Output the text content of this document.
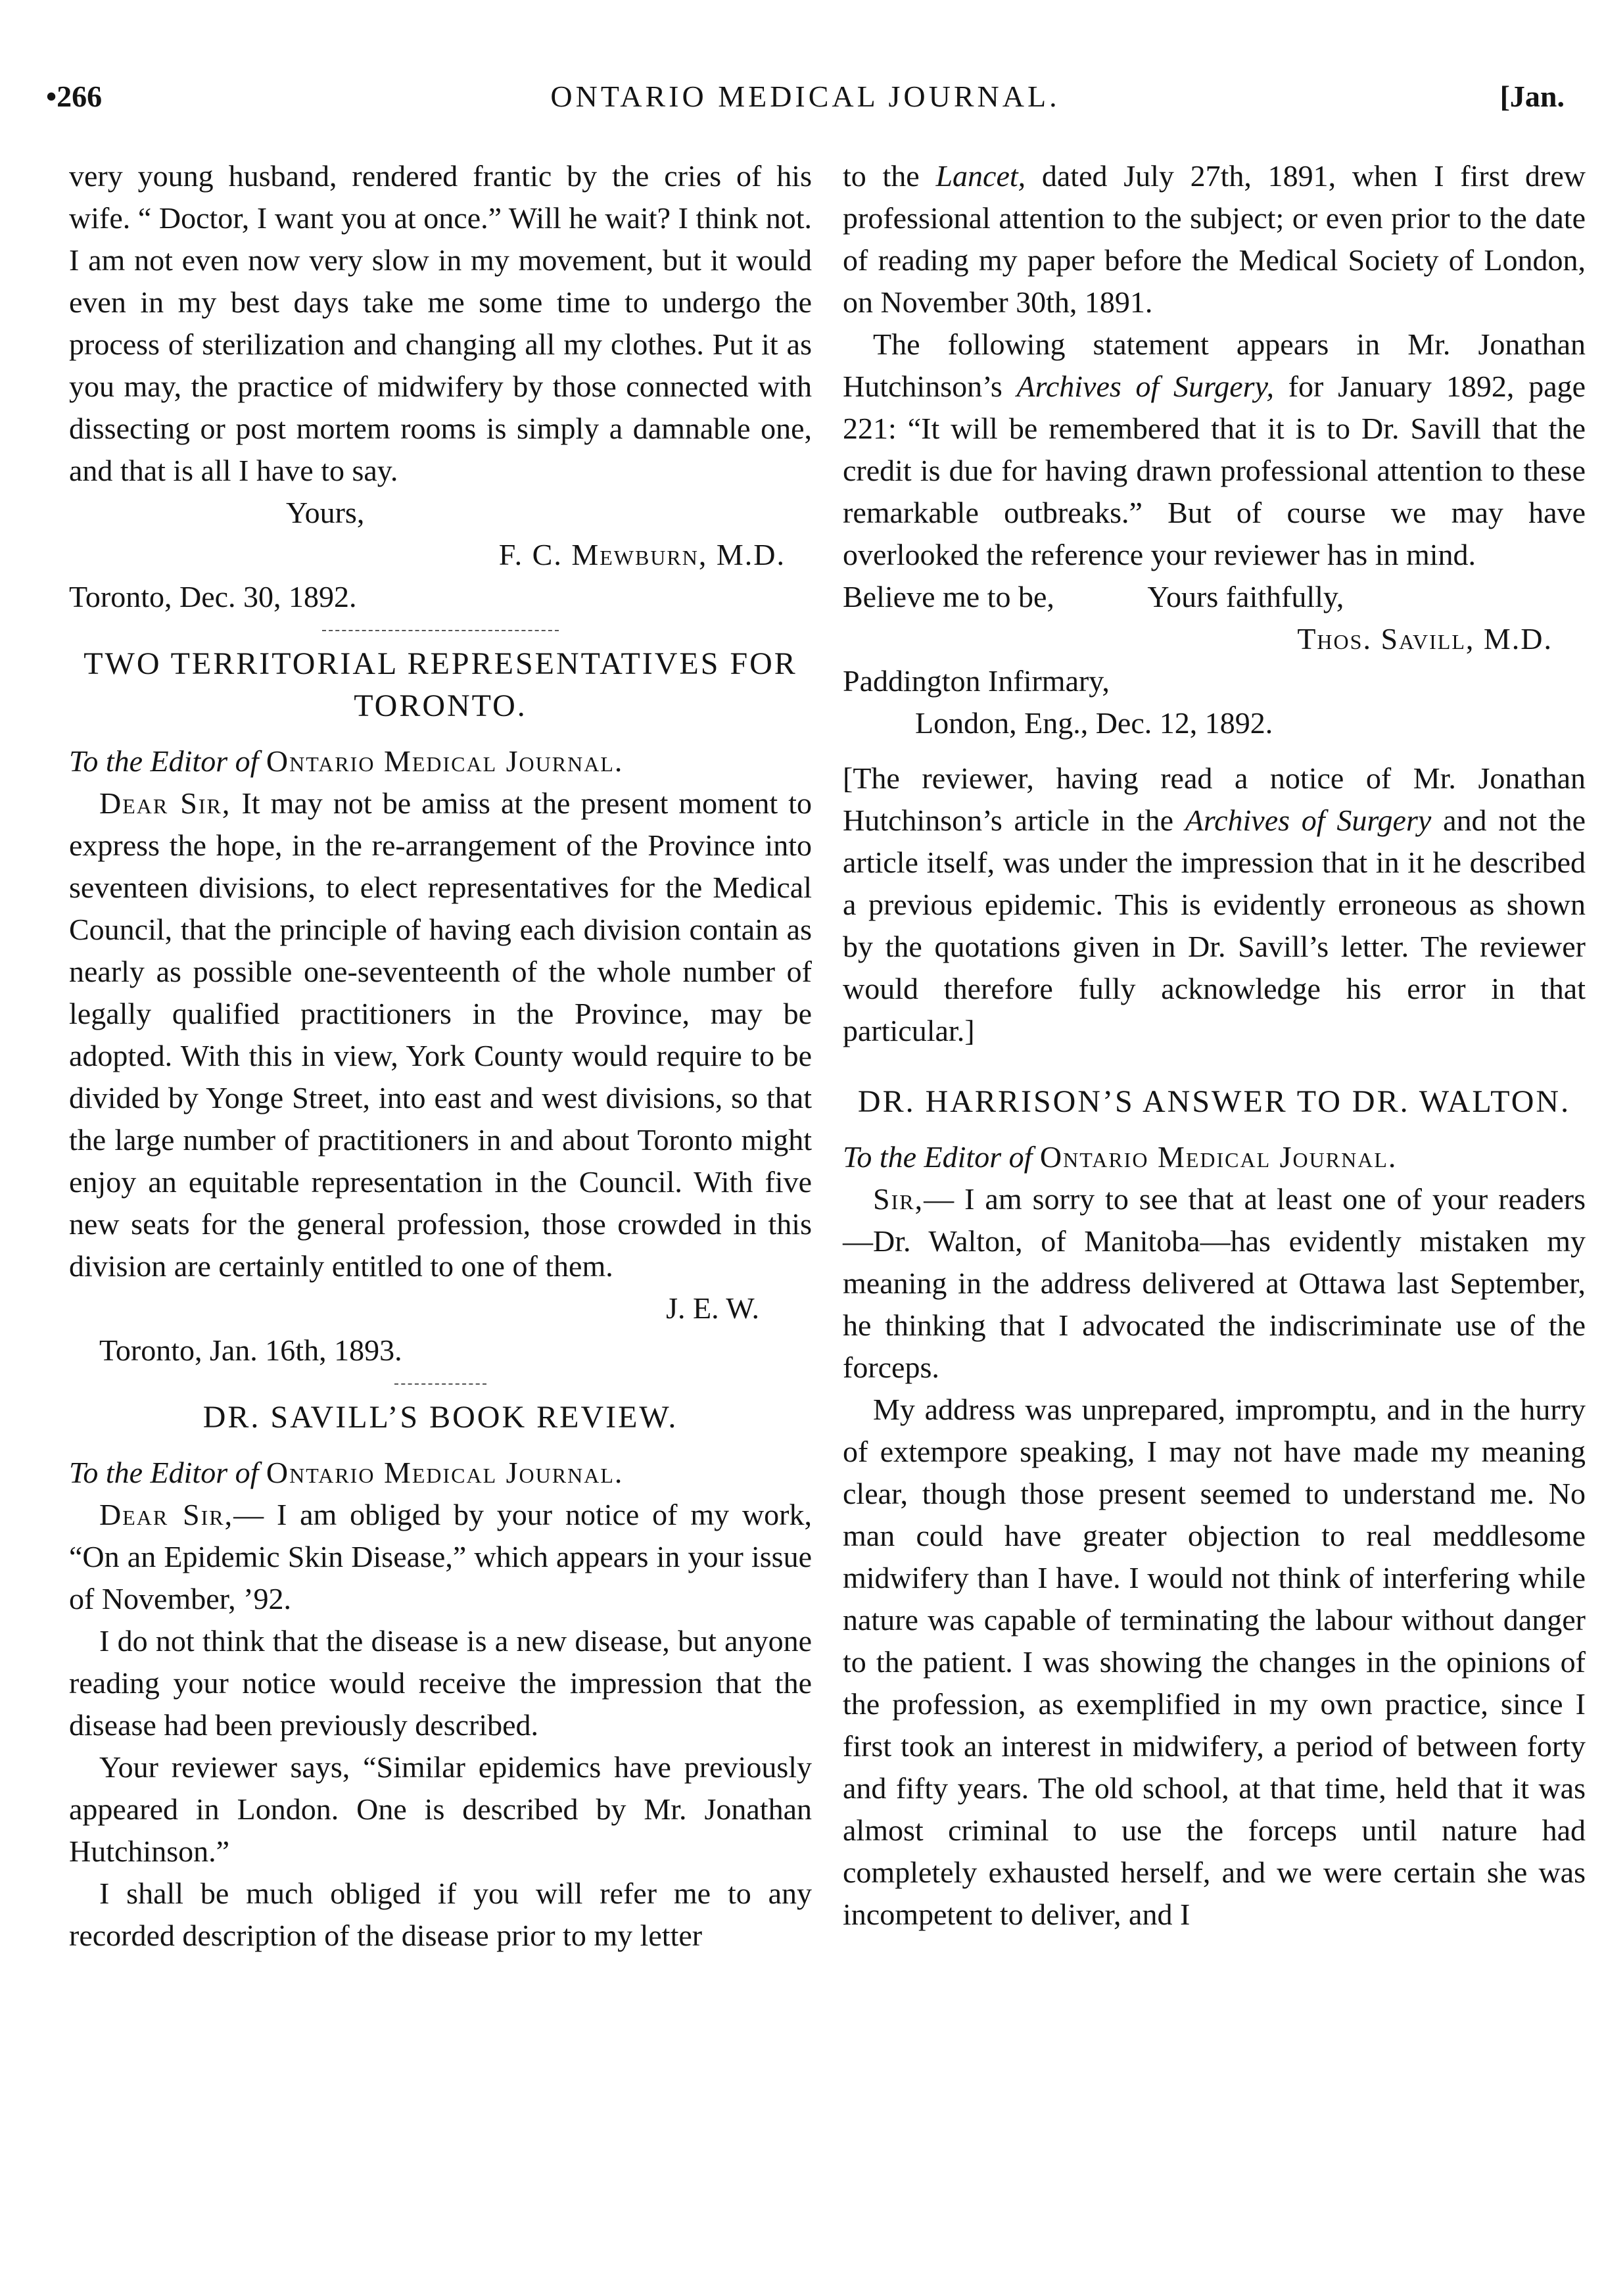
•266	ONTARIO MEDICAL JOURNAL.	[Jan.

very young husband, rendered frantic by the cries of his wife. “ Doctor, I want you at once.” Will he wait? I think not. I am not even now very slow in my movement, but it would even in my best days take me some time to undergo the process of sterilization and changing all my clothes. Put it as you may, the practice of midwifery by those connected with dissecting or post mortem rooms is simply a damnable one, and that is all I have to say.

Yours,

F. C. Mewburn, M.D.

Toronto, Dec. 30, 1892.

TWO TERRITORIAL REPRESENTATIVES FOR TORONTO.

To the Editor of Ontario Medical Journal.

Dear Sir, It may not be amiss at the present moment to express the hope, in the re-arrangement of the Province into seventeen divisions, to elect representatives for the Medical Council, that the principle of having each division contain as nearly as possible one-seventeenth of the whole number of legally qualified practitioners in the Province, may be adopted. With this in view, York County would require to be divided by Yonge Street, into east and west divisions, so that the large number of practitioners in and about Toronto might enjoy an equitable representation in the Council. With five new seats for the general profession, those crowded in this division are certainly entitled to one of them.

J. E. W.

Toronto, Jan. 16th, 1893.

DR. SAVILL’S BOOK REVIEW.

To the Editor of Ontario Medical Journal.

Dear Sir,— I am obliged by your notice of my work, “On an Epidemic Skin Disease,” which appears in your issue of November, ’92.

I do not think that the disease is a new disease, but anyone reading your notice would receive the impression that the disease had been previously described.

Your reviewer says, “Similar epidemics have previously appeared in London. One is described by Mr. Jonathan Hutchinson.”

I shall be much obliged if you will refer me to any recorded description of the disease prior to my letter

to the Lancet, dated July 27th, 1891, when I first drew professional attention to the subject; or even prior to the date of reading my paper before the Medical Society of London, on November 30th, 1891.

The following statement appears in Mr. Jonathan Hutchinson’s Archives of Surgery, for January 1892, page 221: “It will be remembered that it is to Dr. Savill that the credit is due for having drawn professional attention to these remarkable outbreaks.” But of course we may have overlooked the reference your reviewer has in mind.

Believe me to be,	Yours faithfully,

Thos. Savill, M.D.

Paddington Infirmary,

London, Eng., Dec. 12, 1892.

[The reviewer, having read a notice of Mr. Jonathan Hutchinson’s article in the Archives of Surgery and not the article itself, was under the impression that in it he described a previous epidemic. This is evidently erroneous as shown by the quotations given in Dr. Savill’s letter. The reviewer would therefore fully acknowledge his error in that particular.]

DR. HARRISON’S ANSWER TO DR. WALTON.

To the Editor of Ontario Medical Journal.

Sir,— I am sorry to see that at least one of your readers —Dr. Walton, of Manitoba—has evidently mistaken my meaning in the address delivered at Ottawa last September, he thinking that I advocated the indiscriminate use of the forceps.

My address was unprepared, impromptu, and in the hurry of extempore speaking, I may not have made my meaning clear, though those present seemed to understand me. No man could have greater objection to real meddlesome midwifery than I have. I would not think of interfering while nature was capable of terminating the labour without danger to the patient. I was showing the changes in the opinions of the profession, as exemplified in my own practice, since I first took an interest in midwifery, a period of between forty and fifty years. The old school, at that time, held that it was almost criminal to use the forceps until nature had completely exhausted herself, and we were certain she was incompetent to deliver, and I
